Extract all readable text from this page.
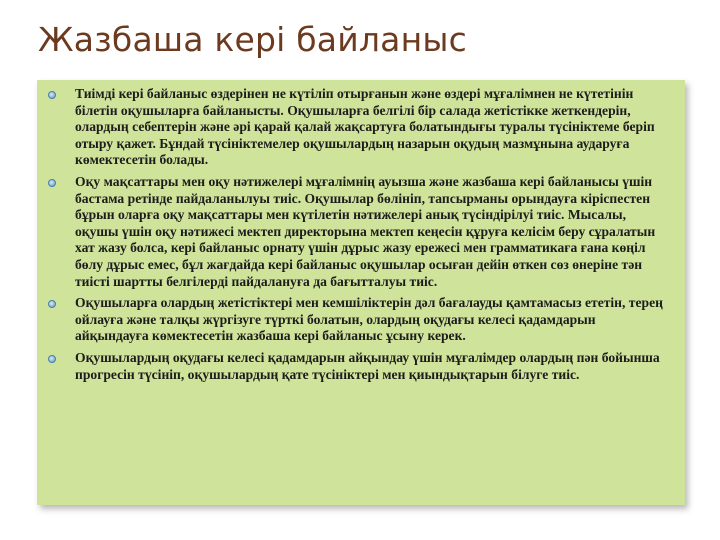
Жазбаша кері байланыс
Тиімді кері байланыс өздерінен не күтіліп отырғанын және өздері мұғалімнен не күтетінін білетін оқушыларға байланысты. Оқушыларға белгілі бір салада жетістікке жеткендерін, олардың себептерін және әрі қарай қалай жақсартуға болатындығы туралы түсініктеме беріп отыру қажет. Бұндай түсініктемелер оқушылардың назарын оқудың мазмұнына аударуға көмектесетін болады.
Оқу мақсаттары мен оқу нәтижелері мұғалімнің ауызша және жазбаша кері байланысы үшін бастама ретінде пайдаланылуы тиіс. Оқушылар бөлініп, тапсырманы орындауға кіріспестен бұрын оларға оқу мақсаттары мен күтілетін нәтижелері анық түсіндірілуі тиіс. Мысалы, оқушы үшін оқу нәтижесі мектеп директорына мектеп кеңесін құруға келісім беру сұралатын хат жазу болса, кері байланыс орнату үшін дұрыс жазу ережесі мен грамматикаға ғана көңіл бөлу дұрыс емес, бұл жағдайда кері байланыс оқушылар осыған дейін өткен сөз өнеріне тән тиісті шартты белгілерді пайдалануға да бағытталуы тиіс.
Оқушыларға олардың жетістіктері мен кемшіліктерін дәл бағалауды қамтамасыз ететін, терең ойлауға және талқы жүргізуге түрткі болатын, олардың оқудағы келесі қадамдарын айқындауға көмектесетін жазбаша кері байланыс ұсыну керек.
Оқушылардың оқудағы келесі қадамдарын айқындау үшін мұғалімдер олардың пән бойынша прогресін түсініп, оқушылардың қате түсініктері мен қиындықтарын білуге тиіс.
